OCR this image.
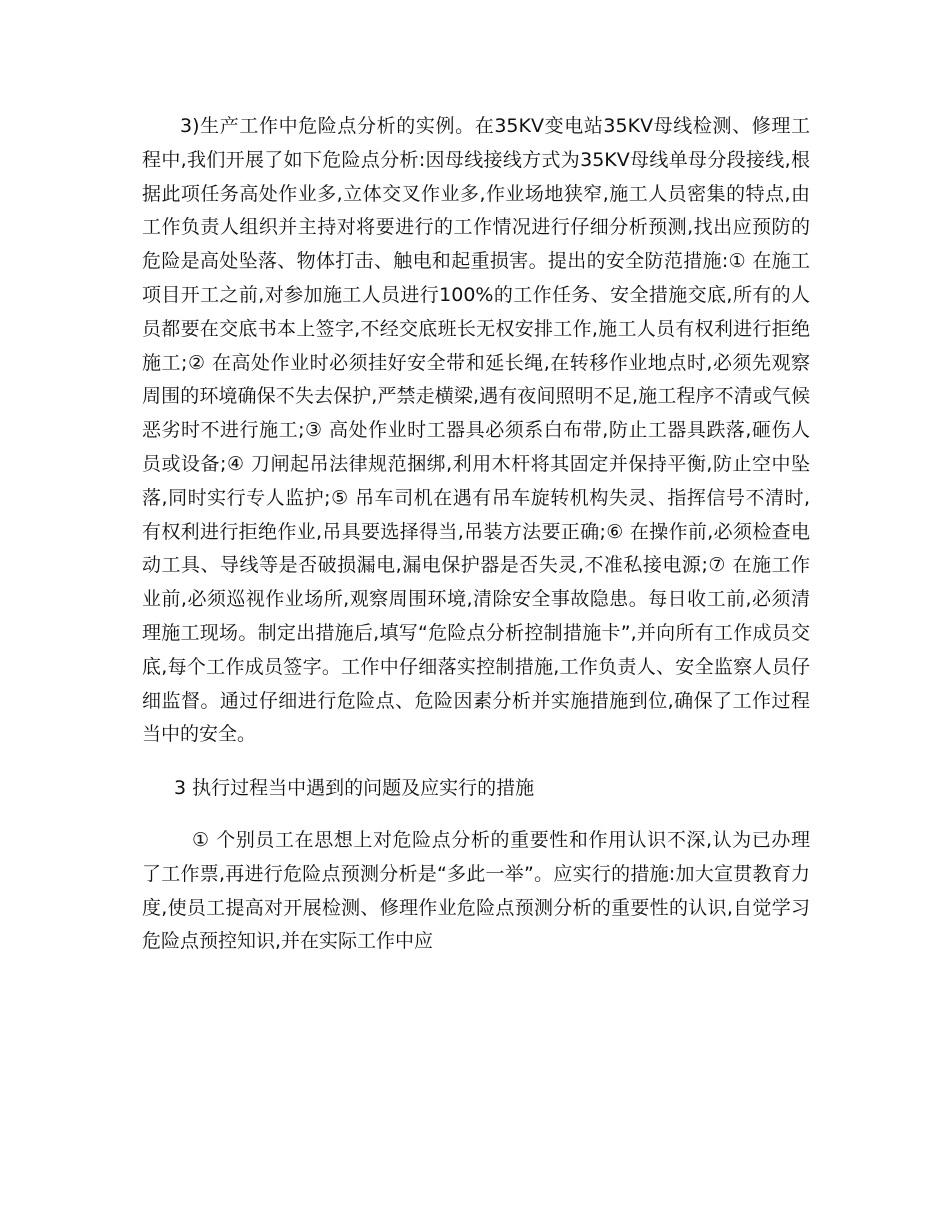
3)生产工作中危险点分析的实例。在35KV变电站35KV母线检测、修理工程中,我们开展了如下危险点分析:因母线接线方式为35KV母线单母分段接线,根据此项任务高处作业多,立体交叉作业多,作业场地狭窄,施工人员密集的特点,由工作负责人组织并主持对将要进行的工作情况进行仔细分析预测,找出应预防的危险是高处坠落、物体打击、触电和起重损害。提出的安全防范措施:① 在施工项目开工之前,对参加施工人员进行100%的工作任务、安全措施交底,所有的人员都要在交底书本上签字,不经交底班长无权安排工作,施工人员有权利进行拒绝施工;② 在高处作业时必须挂好安全带和延长绳,在转移作业地点时,必须先观察周围的环境确保不失去保护,严禁走横梁,遇有夜间照明不足,施工程序不清或气候恶劣时不进行施工;③ 高处作业时工器具必须系白布带,防止工器具跌落,砸伤人员或设备;④ 刀闸起吊法律规范捆绑,利用木杆将其固定并保持平衡,防止空中坠落,同时实行专人监护;⑤ 吊车司机在遇有吊车旋转机构失灵、指挥信号不清时,有权利进行拒绝作业,吊具要选择得当,吊装方法要正确;⑥ 在操作前,必须检查电动工具、导线等是否破损漏电,漏电保护器是否失灵,不准私接电源;⑦ 在施工作业前,必须巡视作业场所,观察周围环境,清除安全事故隐患。每日收工前,必须清理施工现场。制定出措施后,填写“危险点分析控制措施卡”,并向所有工作成员交底,每个工作成员签字。工作中仔细落实控制措施,工作负责人、安全监察人员仔细监督。通过仔细进行危险点、危险因素分析并实施措施到位,确保了工作过程当中的安全。

3 执行过程当中遇到的问题及应实行的措施

① 个别员工在思想上对危险点分析的重要性和作用认识不深,认为已办理了工作票,再进行危险点预测分析是“多此一举”。应实行的措施:加大宣贯教育力度,使员工提高对开展检测、修理作业危险点预测分析的重要性的认识,自觉学习危险点预控知识,并在实际工作中应
